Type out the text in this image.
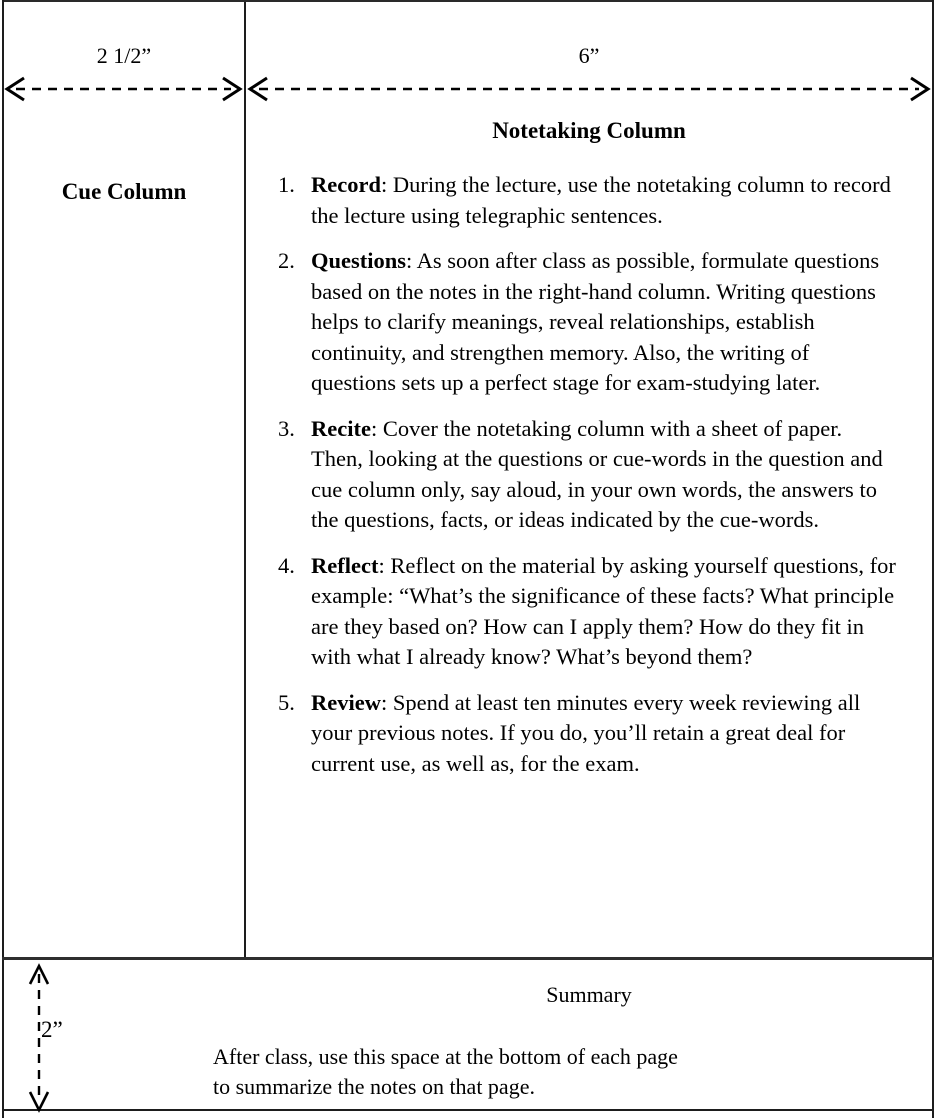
2 1/2”	6”
2”
Cue Column
Notetaking Column
1. Record: During the lecture, use the notetaking column to record the lecture using telegraphic sentences.
2. Questions: As soon after class as possible, formulate questions based on the notes in the right-hand column. Writing questions helps to clarify meanings, reveal relationships, establish continuity, and strengthen memory. Also, the writing of questions sets up a perfect stage for exam-studying later.
3. Recite: Cover the notetaking column with a sheet of paper. Then, looking at the questions or cue-words in the question and cue column only, say aloud, in your own words, the answers to the questions, facts, or ideas indicated by the cue-words.
4. Reflect: Reflect on the material by asking yourself questions, for example: “What’s the significance of these facts? What principle are they based on? How can I apply them? How do they fit in with what I already know? What’s beyond them?
5. Review: Spend at least ten minutes every week reviewing all your previous notes. If you do, you’ll retain a great deal for current use, as well as, for the exam.
Summary
After class, use this space at the bottom of each page
to summarize the notes on that page.
